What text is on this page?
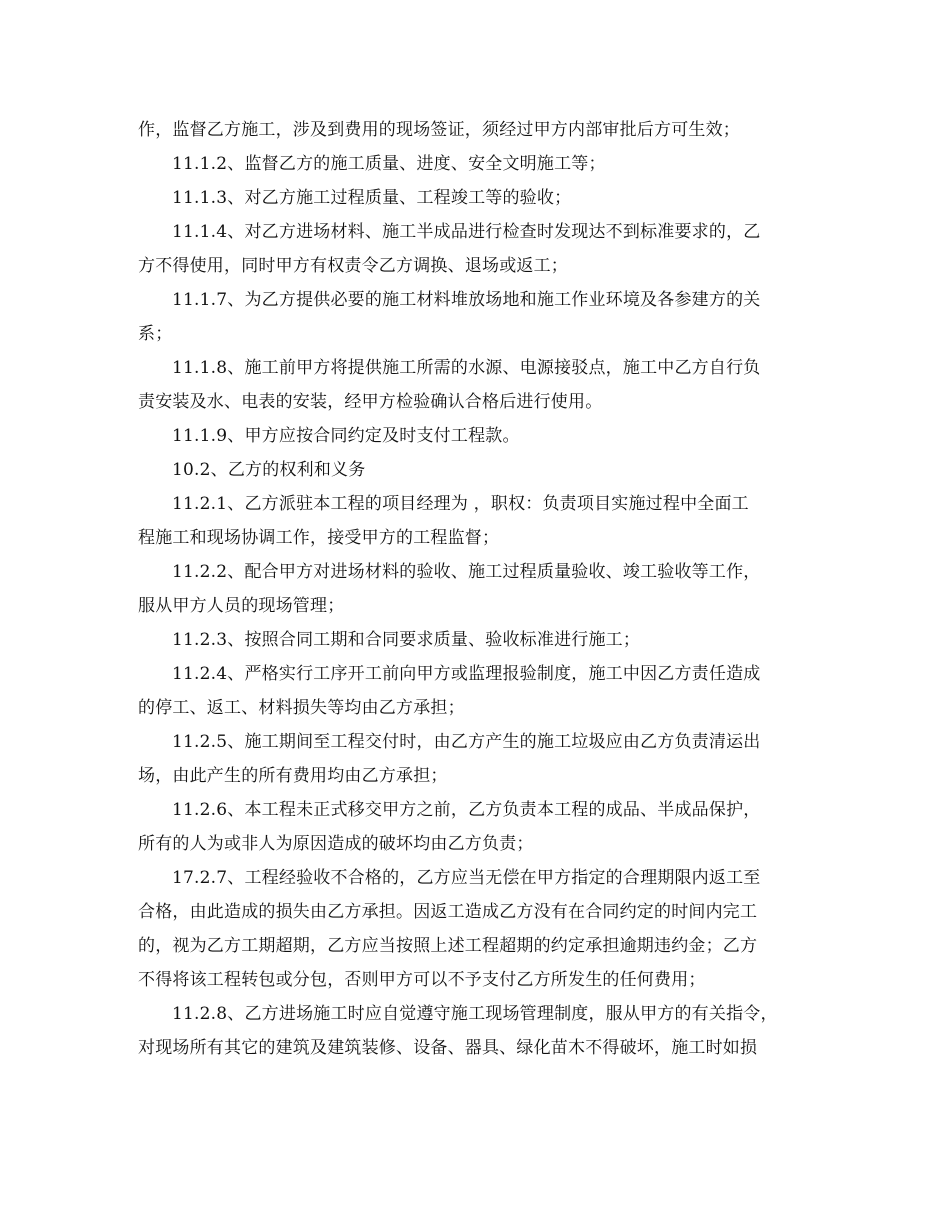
作，监督乙方施工，涉及到费用的现场签证，须经过甲方内部审批后方可生效；
11.1.2、监督乙方的施工质量、进度、安全文明施工等；
11.1.3、对乙方施工过程质量、工程竣工等的验收；
11.1.4、对乙方进场材料、施工半成品进行检查时发现达不到标准要求的，乙
方不得使用，同时甲方有权责令乙方调换、退场或返工；
11.1.7、为乙方提供必要的施工材料堆放场地和施工作业环境及各参建方的关
系；
11.1.8、施工前甲方将提供施工所需的水源、电源接驳点，施工中乙方自行负
责安装及水、电表的安装，经甲方检验确认合格后进行使用。
11.1.9、甲方应按合同约定及时支付工程款。
10.2、乙方的权利和义务
11.2.1、乙方派驻本工程的项目经理为 ，职权：负责项目实施过程中全面工
程施工和现场协调工作，接受甲方的工程监督；
11.2.2、配合甲方对进场材料的验收、施工过程质量验收、竣工验收等工作，
服从甲方人员的现场管理；
11.2.3、按照合同工期和合同要求质量、验收标准进行施工；
11.2.4、严格实行工序开工前向甲方或监理报验制度，施工中因乙方责任造成
的停工、返工、材料损失等均由乙方承担；
11.2.5、施工期间至工程交付时，由乙方产生的施工垃圾应由乙方负责清运出
场，由此产生的所有费用均由乙方承担；
11.2.6、本工程未正式移交甲方之前，乙方负责本工程的成品、半成品保护，
所有的人为或非人为原因造成的破坏均由乙方负责；
17.2.7、工程经验收不合格的，乙方应当无偿在甲方指定的合理期限内返工至
合格，由此造成的损失由乙方承担。因返工造成乙方没有在合同约定的时间内完工
的，视为乙方工期超期，乙方应当按照上述工程超期的约定承担逾期违约金；乙方
不得将该工程转包或分包，否则甲方可以不予支付乙方所发生的任何费用；
11.2.8、乙方进场施工时应自觉遵守施工现场管理制度，服从甲方的有关指令，
对现场所有其它的建筑及建筑装修、设备、器具、绿化苗木不得破坏，施工时如损
